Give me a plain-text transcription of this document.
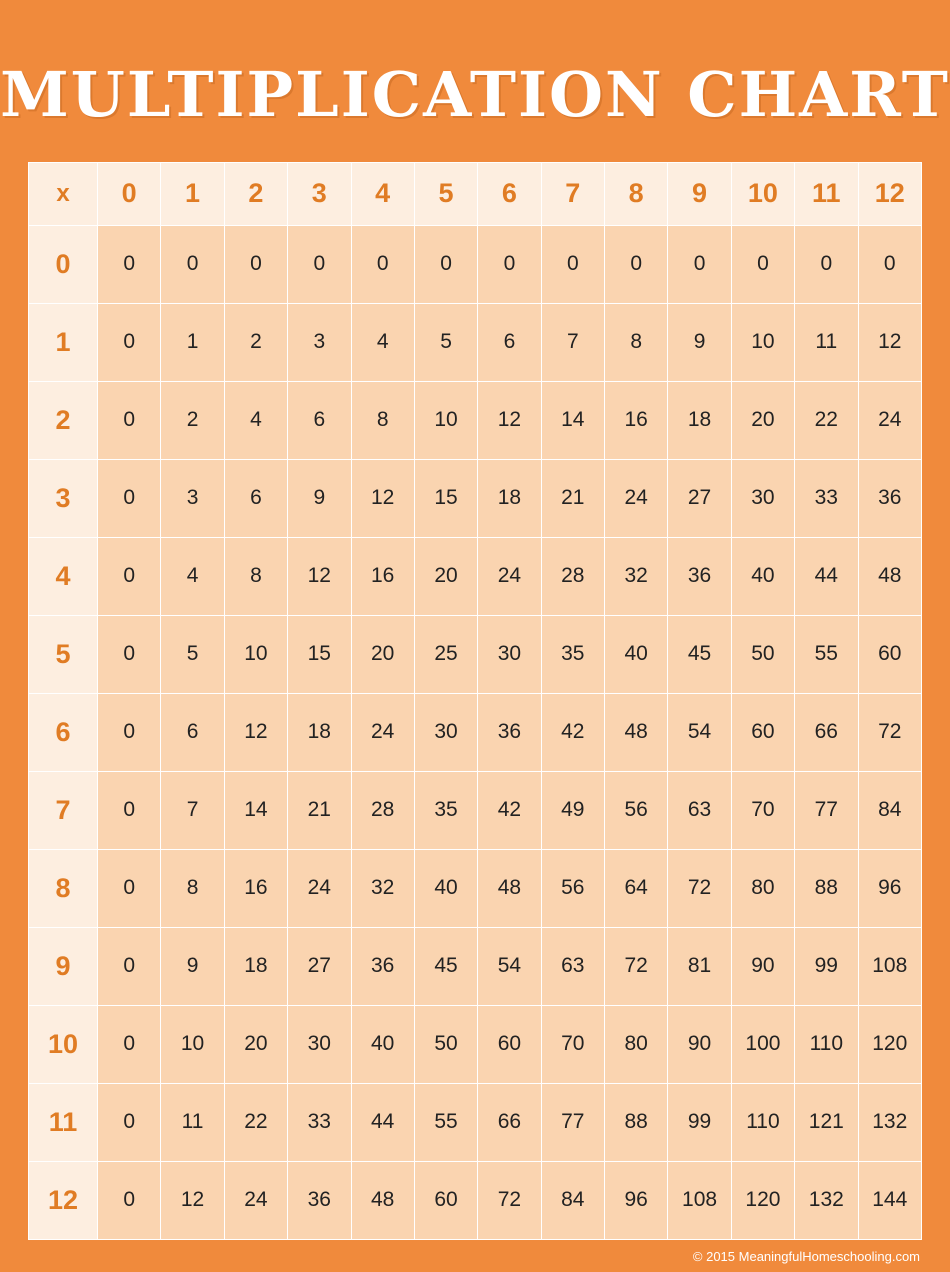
MULTIPLICATION CHART
x	0	1	2	3	4	5	6	7	8	9	10	11	12
0	0	0	0	0	0	0	0	0	0	0	0	0	0
1	0	1	2	3	4	5	6	7	8	9	10	11	12
2	0	2	4	6	8	10	12	14	16	18	20	22	24
3	0	3	6	9	12	15	18	21	24	27	30	33	36
4	0	4	8	12	16	20	24	28	32	36	40	44	48
5	0	5	10	15	20	25	30	35	40	45	50	55	60
6	0	6	12	18	24	30	36	42	48	54	60	66	72
7	0	7	14	21	28	35	42	49	56	63	70	77	84
8	0	8	16	24	32	40	48	56	64	72	80	88	96
9	0	9	18	27	36	45	54	63	72	81	90	99	108
10	0	10	20	30	40	50	60	70	80	90	100	110	120
11	0	11	22	33	44	55	66	77	88	99	110	121	132
12	0	12	24	36	48	60	72	84	96	108	120	132	144
© 2015 MeaningfulHomeschooling.com
